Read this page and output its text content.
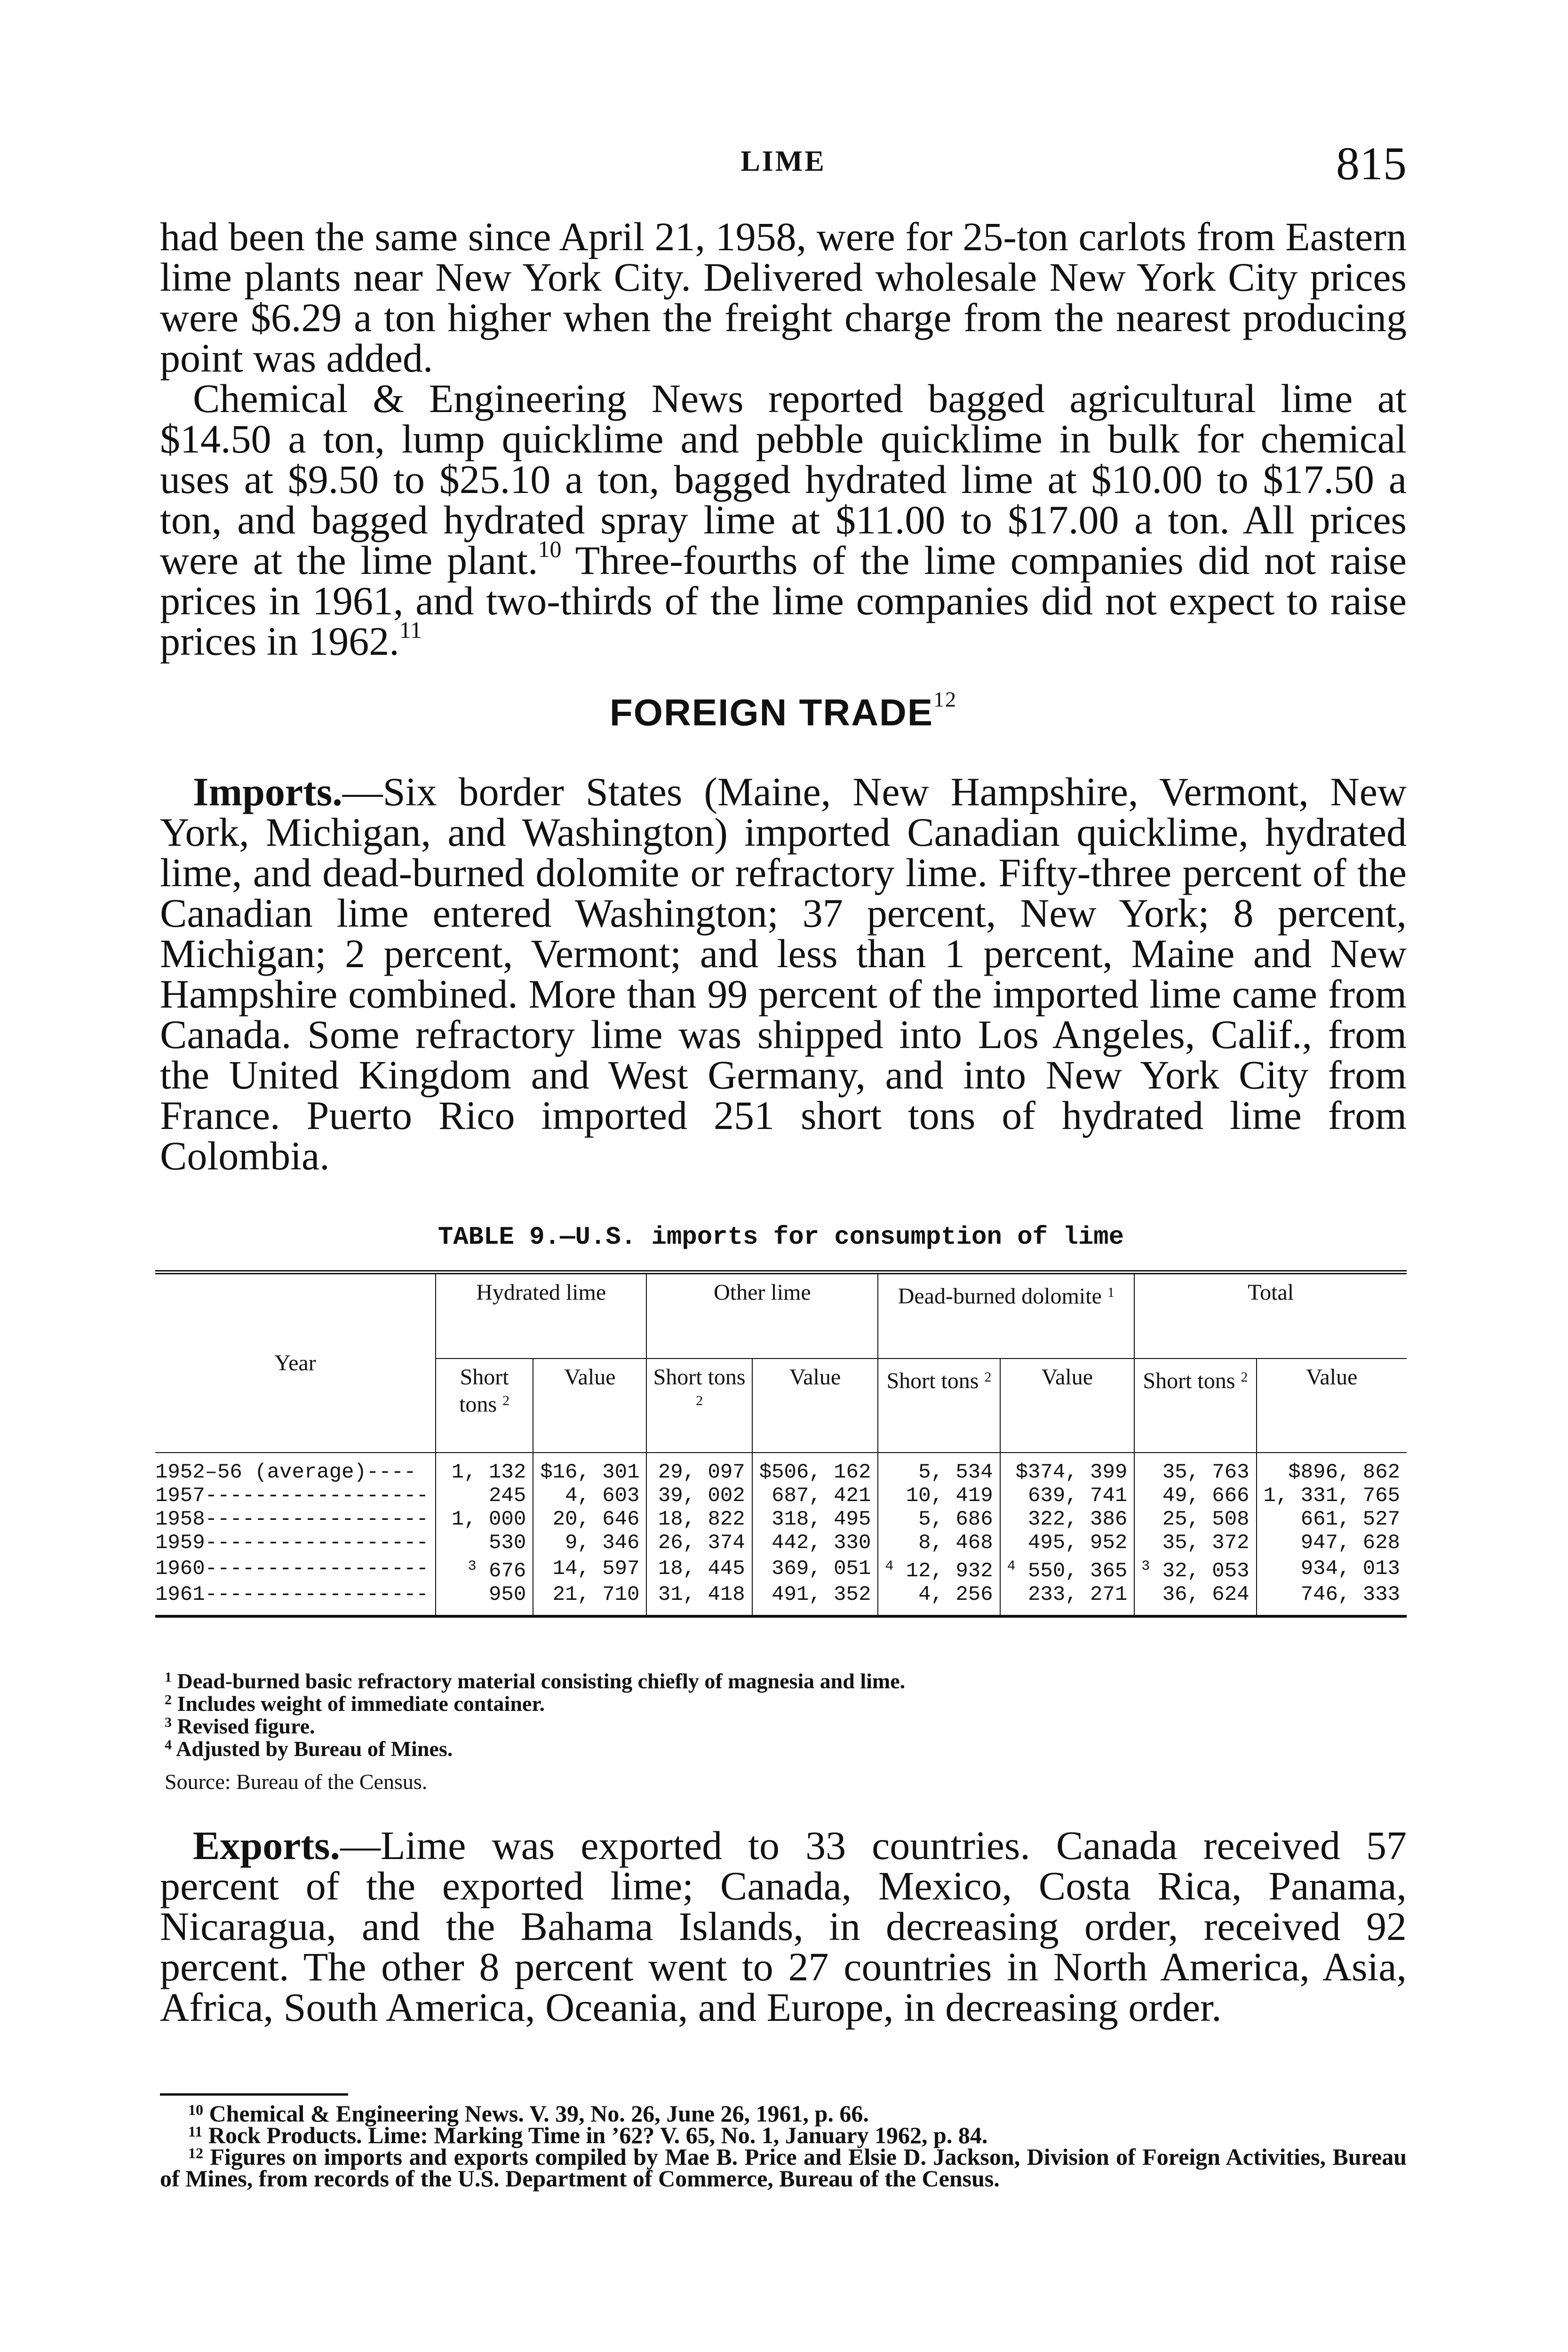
LIME	815

had been the same since April 21, 1958, were for 25-ton carlots from Eastern lime plants near New York City. Delivered wholesale New York City prices were $6.29 a ton higher when the freight charge from the nearest producing point was added.

Chemical & Engineering News reported bagged agricultural lime at $14.50 a ton, lump quicklime and pebble quicklime in bulk for chemical uses at $9.50 to $25.10 a ton, bagged hydrated lime at $10.00 to $17.50 a ton, and bagged hydrated spray lime at $11.00 to $17.00 a ton. All prices were at the lime plant.$^{10}$ Three-fourths of the lime companies did not raise prices in 1961, and two-thirds of the lime companies did not expect to raise prices in 1962.11

FOREIGN TRADE$^{12}$

Imports.—Six border States (Maine, New Hampshire, Vermont, New York, Michigan, and Washington) imported Canadian quicklime, hydrated lime, and dead-burned dolomite or refractory lime. Fifty-three percent of the Canadian lime entered Washington; 37 percent, New York; 8 percent, Michigan; 2 percent, Vermont; and less than 1 percent, Maine and New Hampshire combined. More than 99 percent of the imported lime came from Canada. Some refractory lime was shipped into Los Angeles, Calif., from the United Kingdom and West Germany, and into New York City from France. Puerto Rico imported 251 short tons of hydrated lime from Colombia.

TABLE 9.—U.S. imports for consumption of lime
Year	Hydrated lime		Other lime		Dead-burned dolomite $^1$		Total	
	Short tons $^2$	Value	Short tons $^2$	Value	Short tons $^2$	Value	Short tons $^2$	Value
1952–56 (average)----	1, 132	$16, 301	29, 097	$506, 162	5, 534	$374, 399	35, 763	$896, 862
1957------------------	245	4, 603	39, 002	687, 421	10, 419	639, 741	49, 666	1, 331, 765
1958------------------	1, 000	20, 646	18, 822	318, 495	5, 686	322, 386	25, 508	661, 527
1959------------------	530	9, 346	26, 374	442, 330	8, 468	495, 952	35, 372	947, 628
1960------------------	$^3$ 676	14, 597	18, 445	369, 051	$^4$ 12, 932	$^4$ 550, 365	$^3$ 32, 053	934, 013
1961------------------	950	21, 710	31, 418	491, 352	4, 256	233, 271	36, 624	746, 333
$^1$ Dead-burned basic refractory material consisting chiefly of magnesia and lime.
$^2$ Includes weight of immediate container.
$^3$ Revised figure.
$^4$ Adjusted by Bureau of Mines.
Source: Bureau of the Census.

Exports.—Lime was exported to 33 countries. Canada received 57 percent of the exported lime; Canada, Mexico, Costa Rica, Panama, Nicaragua, and the Bahama Islands, in decreasing order, received 92 percent. The other 8 percent went to 27 countries in North America, Asia, Africa, South America, Oceania, and Europe, in decreasing order.

$^{10}$ Chemical & Engineering News. V. 39, No. 26, June 26, 1961, p. 66.
$^{11}$ Rock Products. Lime: Marking Time in ’62? V. 65, No. 1, January 1962, p. 84.
$^{12}$ Figures on imports and exports compiled by Mae B. Price and Elsie D. Jackson, Division of Foreign Activities, Bureau of Mines, from records of the U.S. Department of Commerce, Bureau of the Census.
